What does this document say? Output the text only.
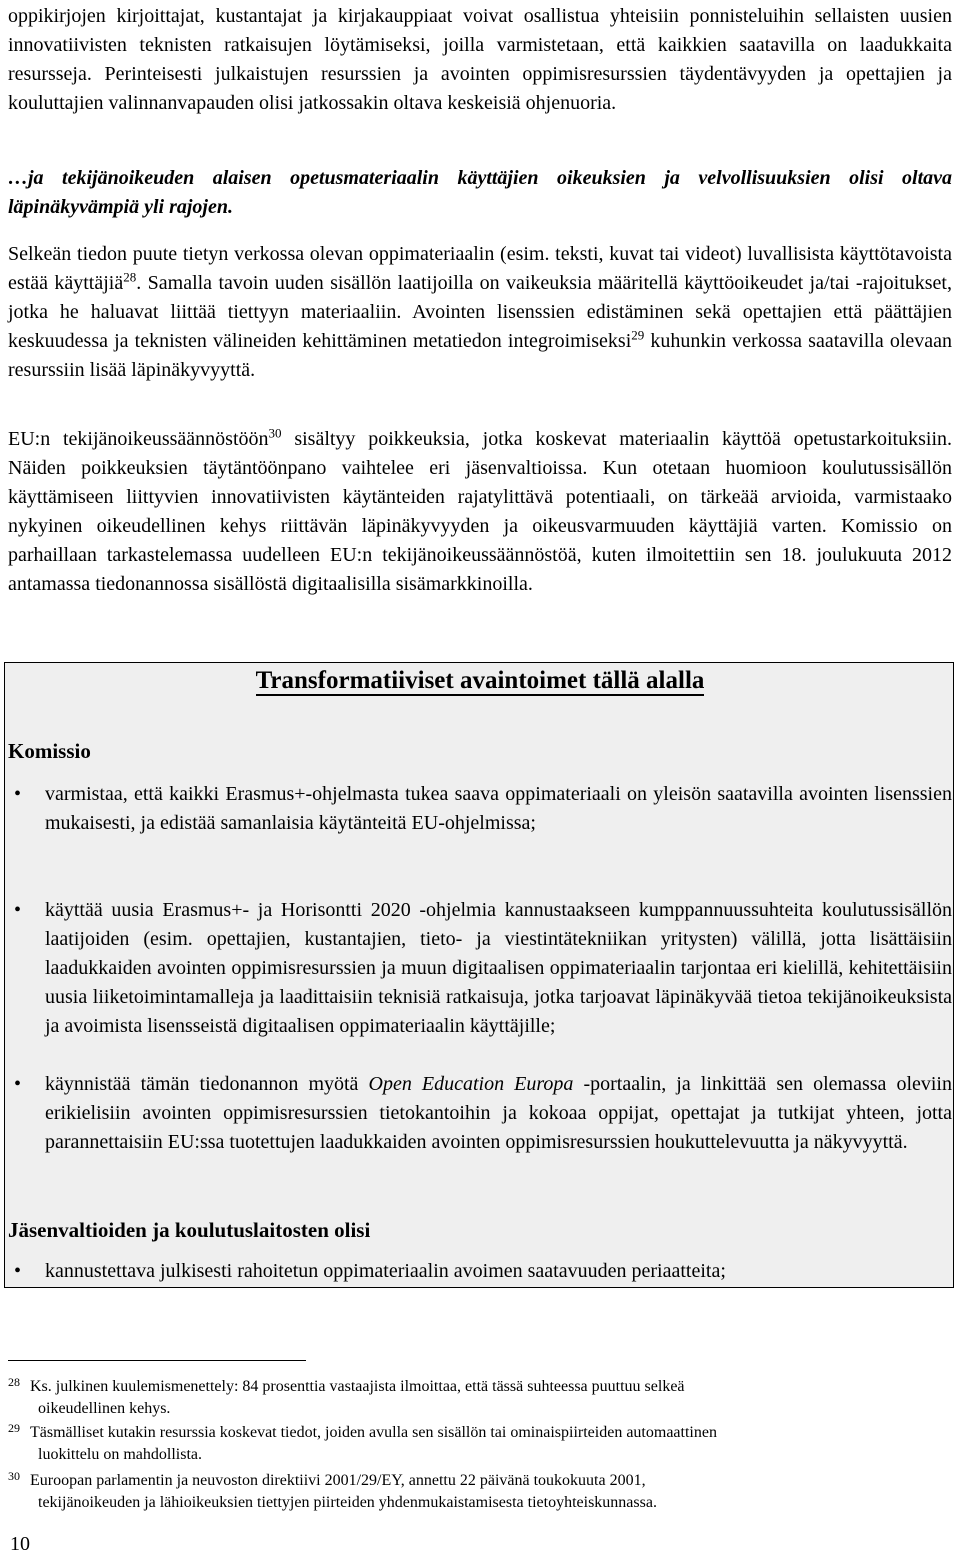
oppikirjojen kirjoittajat, kustantajat ja kirjakauppiaat voivat osallistua yhteisiin ponnisteluihin sellaisten uusien innovatiivisten teknisten ratkaisujen löytämiseksi, joilla varmistetaan, että kaikkien saatavilla on laadukkaita resursseja. Perinteisesti julkaistujen resurssien ja avointen oppimisresurssien täydentävyyden ja opettajien ja kouluttajien valinnanvapauden olisi jatkossakin oltava keskeisiä ohjenuoria.

…ja tekijänoikeuden alaisen opetusmateriaalin käyttäjien oikeuksien ja velvollisuuksien olisi oltava läpinäkyvämpiä yli rajojen.

Selkeän tiedon puute tietyn verkossa olevan oppimateriaalin (esim. teksti, kuvat tai videot) luvallisista käyttötavoista estää käyttäjiä$^{28}$. Samalla tavoin uuden sisällön laatijoilla on vaikeuksia määritellä käyttöoikeudet ja/tai -rajoitukset, jotka he haluavat liittää tiettyyn materiaaliin. Avointen lisenssien edistäminen sekä opettajien että päättäjien keskuudessa ja teknisten välineiden kehittäminen metatiedon integroimiseksi$^{29}$ kuhunkin verkossa saatavilla olevaan resurssiin lisää läpinäkyvyyttä.

EU:n tekijänoikeussäännöstöön$^{30}$ sisältyy poikkeuksia, jotka koskevat materiaalin käyttöä opetustarkoituksiin. Näiden poikkeuksien täytäntöönpano vaihtelee eri jäsenvaltioissa. Kun otetaan huomioon koulutussisällön käyttämiseen liittyvien innovatiivisten käytänteiden rajatylittävä potentiaali, on tärkeää arvioida, varmistaako nykyinen oikeudellinen kehys riittävän läpinäkyvyyden ja oikeusvarmuuden käyttäjiä varten. Komissio on parhaillaan tarkastelemassa uudelleen EU:n tekijänoikeussäännöstöä, kuten ilmoitettiin sen 18. joulukuuta 2012 antamassa tiedonannossa sisällöstä digitaalisilla sisämarkkinoilla.

Transformatiiviset avaintoimet tällä alalla
Komissio
• varmistaa, että kaikki Erasmus+-ohjelmasta tukea saava oppimateriaali on yleisön saatavilla avointen lisenssien mukaisesti, ja edistää samanlaisia käytänteitä EU-ohjelmissa;

• käyttää uusia Erasmus+- ja Horisontti 2020 -ohjelmia kannustaakseen kumppannuussuhteita koulutussisällön laatijoiden (esim. opettajien, kustantajien, tieto- ja viestintätekniikan yritysten) välillä, jotta lisättäisiin laadukkaiden avointen oppimisresurssien ja muun digitaalisen oppimateriaalin tarjontaa eri kielillä, kehitettäisiin uusia liiketoimintamalleja ja laadittaisiin teknisiä ratkaisuja, jotka tarjoavat läpinäkyvää tietoa tekijänoikeuksista ja avoimista lisensseistä digitaalisen oppimateriaalin käyttäjille;

• käynnistää tämän tiedonannon myötä Open Education Europa -portaalin, ja linkittää sen olemassa oleviin erikielisiin avointen oppimisresurssien tietokantoihin ja kokoaa oppijat, opettajat ja tutkijat yhteen, jotta parannettaisiin EU:ssa tuotettujen laadukkaiden avointen oppimisresurssien houkuttelevuutta ja näkyvyyttä.

Jäsenvaltioiden ja koulutuslaitosten olisi
• kannustettava julkisesti rahoitetun oppimateriaalin avoimen saatavuuden periaatteita;

28 Ks. julkinen kuulemismenettely: 84 prosenttia vastaajista ilmoittaa, että tässä suhteessa puuttuu selkeä
oikeudellinen kehys.
29 Täsmälliset kutakin resurssia koskevat tiedot, joiden avulla sen sisällön tai ominaispiirteiden automaattinen
luokittelu on mahdollista.
30 Euroopan parlamentin ja neuvoston direktiivi 2001/29/EY, annettu 22 päivänä toukokuuta 2001,
tekijänoikeuden ja lähioikeuksien tiettyjen piirteiden yhdenmukaistamisesta tietoyhteiskunnassa.
10
